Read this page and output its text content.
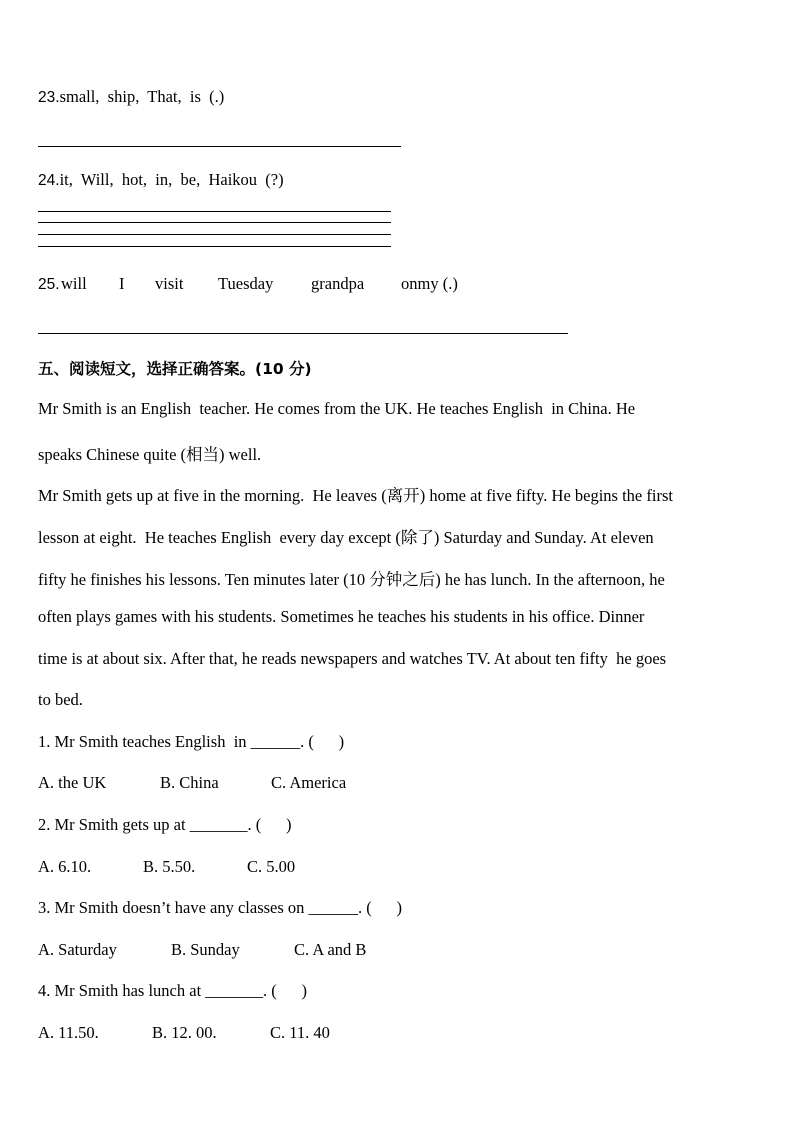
23.small,  ship,  That,  is  (.)
24.it,  Will,  hot,  in,  be,  Haikou  (?)
25. will I visit Tuesday grandpa onmy (.)
五、阅读短文，选择正确答案。(10 分)
Mr Smith is an English  teacher. He comes from the UK. He teaches English  in China. He
speaks Chinese quite (相当) well.
Mr Smith gets up at five in the morning.  He leaves (离开) home at five fifty. He begins the first
lesson at eight.  He teaches English  every day except (除了) Saturday and Sunday. At eleven
fifty he finishes his lessons. Ten minutes later (10 分钟之后) he has lunch. In the afternoon, he
often plays games with his students. Sometimes he teaches his students in his office. Dinner
time is at about six. After that, he reads newspapers and watches TV. At about ten fifty  he goes
to bed.
1. Mr Smith teaches English  in ______. (      )
A. the UK	B. China	C. America
2. Mr Smith gets up at _______. (      )
A. 6.10.	B. 5.50.	C. 5.00
3. Mr Smith doesn’t have any classes on ______. (      )
A. Saturday	B. Sunday	C. A and B
4. Mr Smith has lunch at _______. (      )
A. 11.50.	B. 12. 00.	C. 11. 40
